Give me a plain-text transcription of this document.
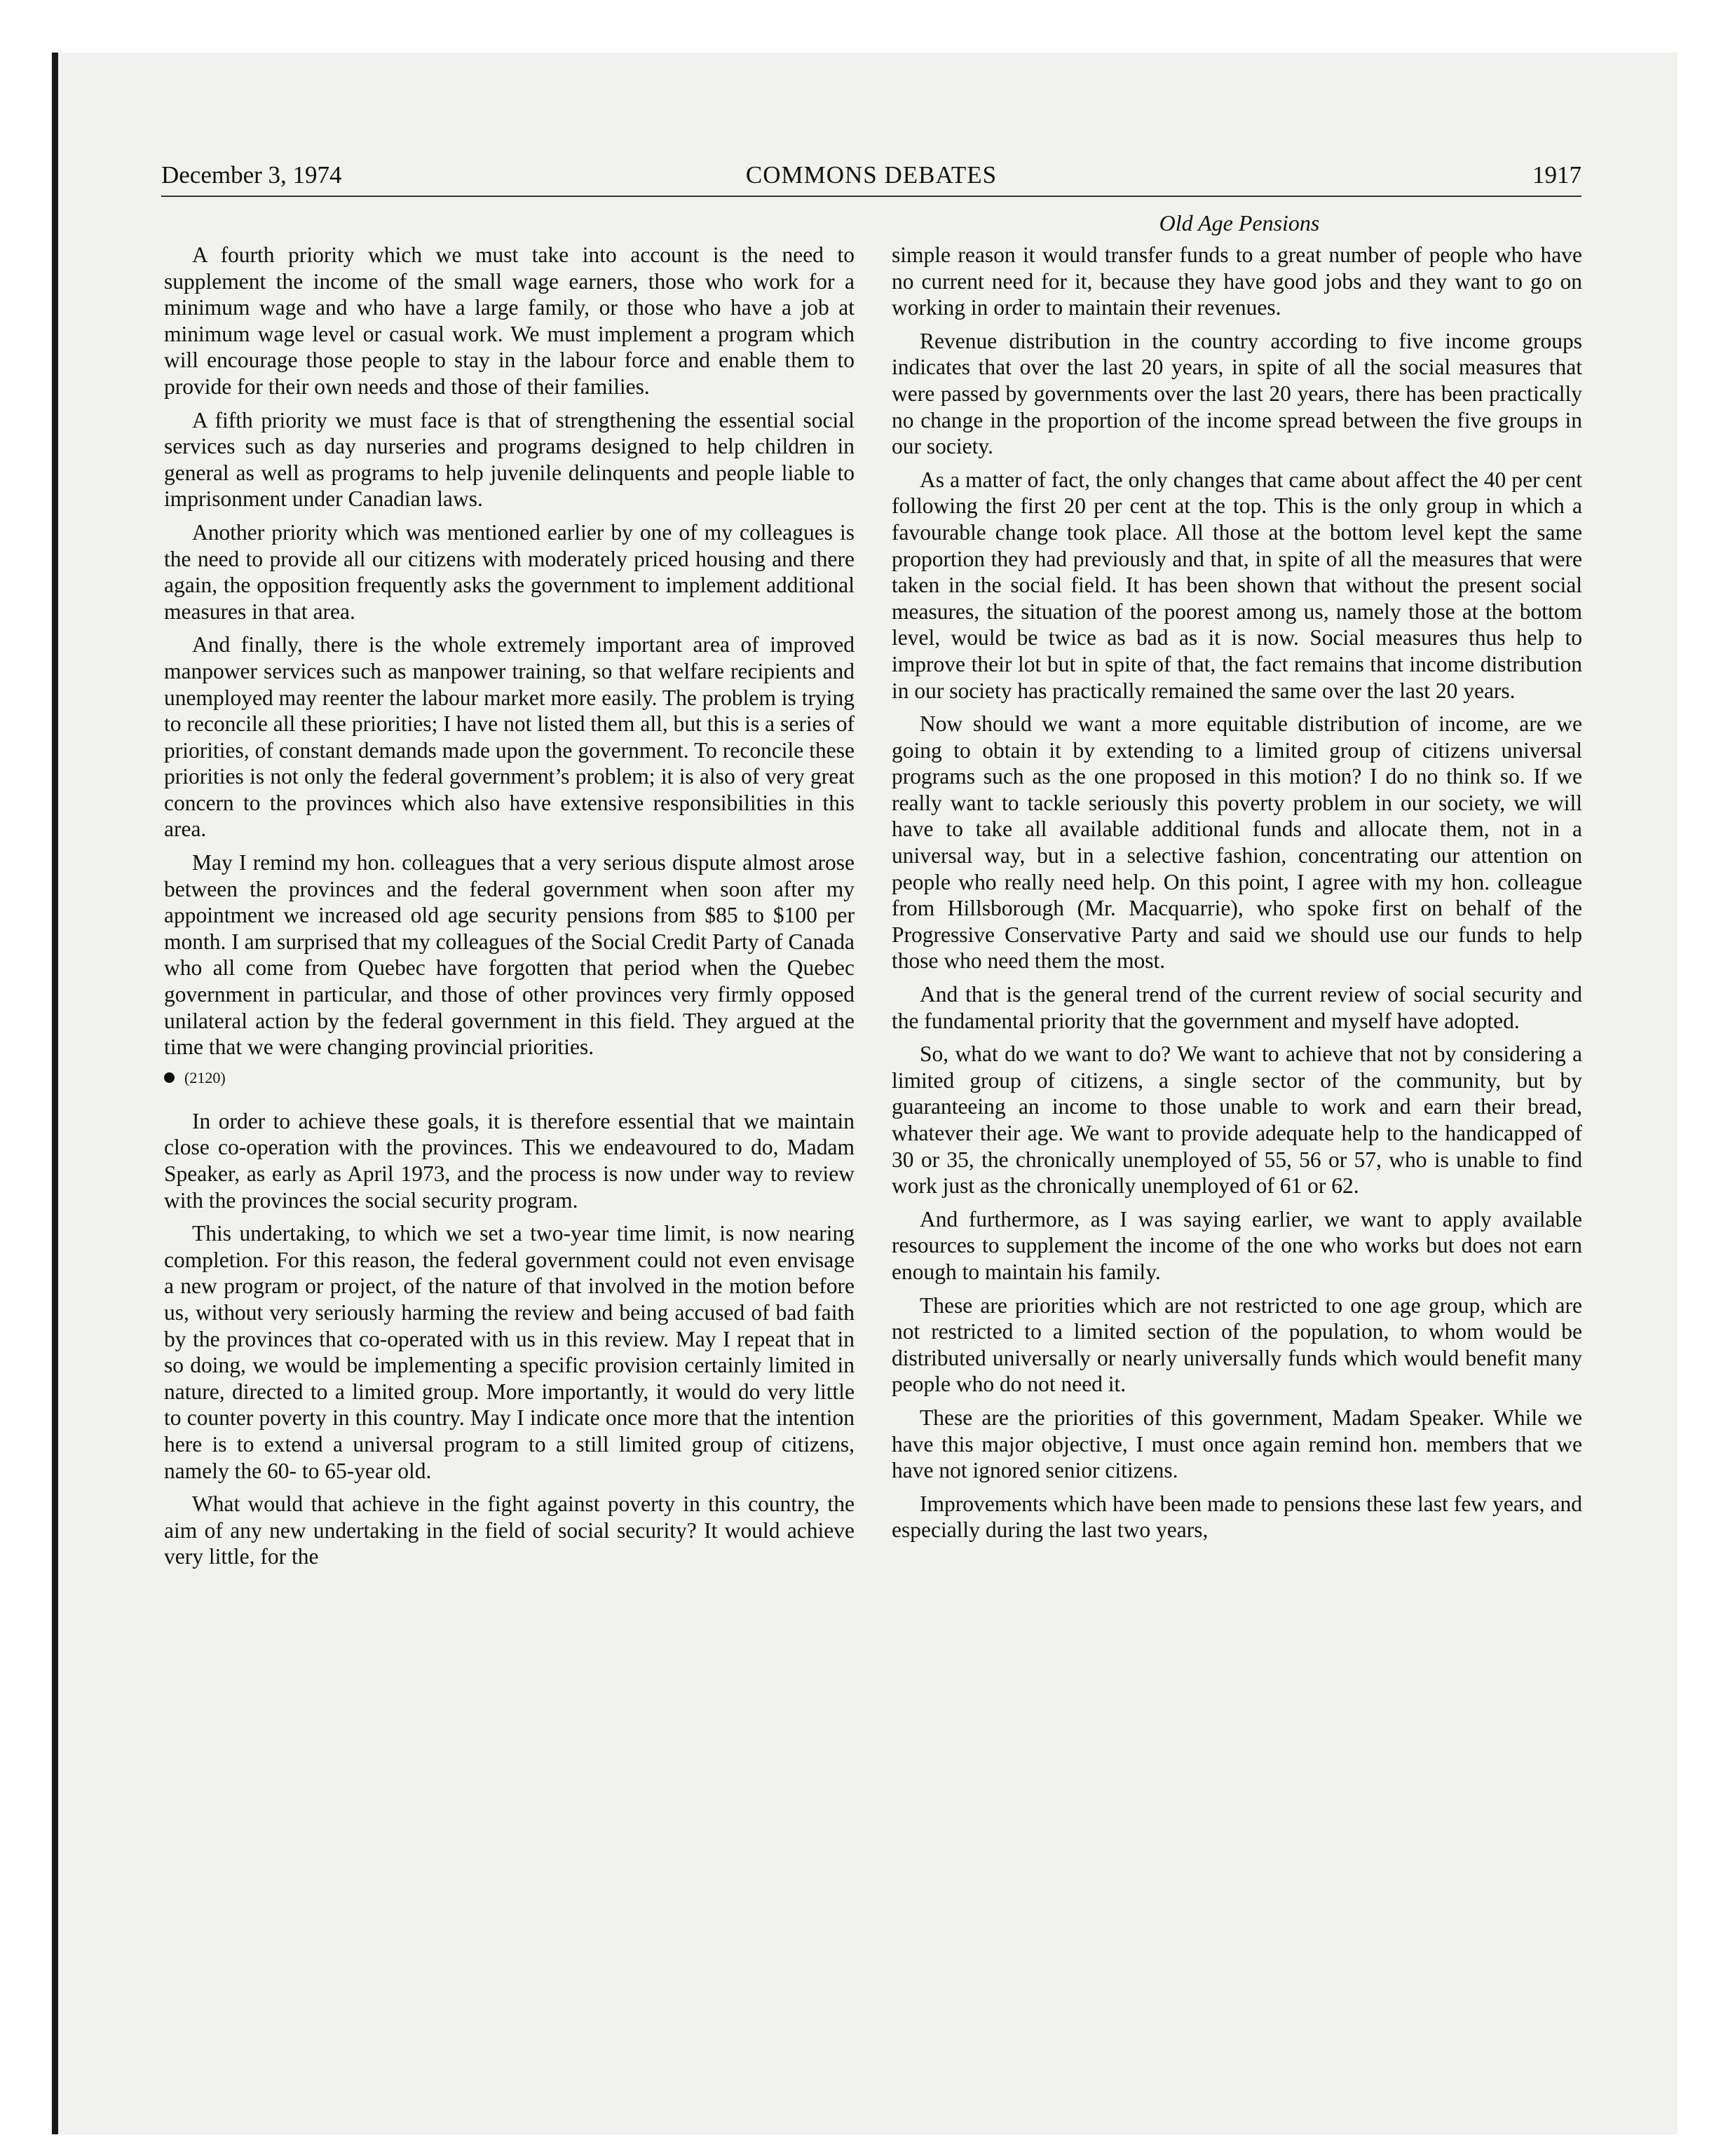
COMMONS DEBATES
December 3, 1974	1917
Old Age Pensions

A fourth priority which we must take into account is the need to supplement the income of the small wage earners, those who work for a minimum wage and who have a large family, or those who have a job at minimum wage level or casual work. We must implement a program which will encourage those people to stay in the labour force and enable them to provide for their own needs and those of their families.

A fifth priority we must face is that of strengthening the essential social services such as day nurseries and programs designed to help children in general as well as programs to help juvenile delinquents and people liable to imprisonment under Canadian laws.

Another priority which was mentioned earlier by one of my colleagues is the need to provide all our citizens with moderately priced housing and there again, the opposition frequently asks the government to implement additional measures in that area.

And finally, there is the whole extremely important area of improved manpower services such as manpower training, so that welfare recipients and unemployed may reenter the labour market more easily. The problem is trying to reconcile all these priorities; I have not listed them all, but this is a series of priorities, of constant demands made upon the government. To reconcile these priorities is not only the federal government’s problem; it is also of very great concern to the provinces which also have extensive responsibilities in this area.

May I remind my hon. colleagues that a very serious dispute almost arose between the provinces and the federal government when soon after my appointment we increased old age security pensions from $85 to $100 per month. I am surprised that my colleagues of the Social Credit Party of Canada who all come from Quebec have forgotten that period when the Quebec government in particular, and those of other provinces very firmly opposed unilateral action by the federal government in this field. They argued at the time that we were changing provincial priorities.

(2120)

In order to achieve these goals, it is therefore essential that we maintain close co-operation with the provinces. This we endeavoured to do, Madam Speaker, as early as April 1973, and the process is now under way to review with the provinces the social security program.

This undertaking, to which we set a two-year time limit, is now nearing completion. For this reason, the federal government could not even envisage a new program or project, of the nature of that involved in the motion before us, without very seriously harming the review and being accused of bad faith by the provinces that co-operated with us in this review. May I repeat that in so doing, we would be implementing a specific provision certainly limited in nature, directed to a limited group. More importantly, it would do very little to counter poverty in this country. May I indicate once more that the intention here is to extend a universal program to a still limited group of citizens, namely the 60- to 65-year old.

What would that achieve in the fight against poverty in this country, the aim of any new undertaking in the field of social security? It would achieve very little, for the

simple reason it would transfer funds to a great number of people who have no current need for it, because they have good jobs and they want to go on working in order to maintain their revenues.

Revenue distribution in the country according to five income groups indicates that over the last 20 years, in spite of all the social measures that were passed by governments over the last 20 years, there has been practically no change in the proportion of the income spread between the five groups in our society.

As a matter of fact, the only changes that came about affect the 40 per cent following the first 20 per cent at the top. This is the only group in which a favourable change took place. All those at the bottom level kept the same proportion they had previously and that, in spite of all the measures that were taken in the social field. It has been shown that without the present social measures, the situation of the poorest among us, namely those at the bottom level, would be twice as bad as it is now. Social measures thus help to improve their lot but in spite of that, the fact remains that income distribution in our society has practically remained the same over the last 20 years.

Now should we want a more equitable distribution of income, are we going to obtain it by extending to a limited group of citizens universal programs such as the one proposed in this motion? I do no think so. If we really want to tackle seriously this poverty problem in our society, we will have to take all available additional funds and allocate them, not in a universal way, but in a selective fashion, concentrating our attention on people who really need help. On this point, I agree with my hon. colleague from Hillsborough (Mr. Macquarrie), who spoke first on behalf of the Progressive Conservative Party and said we should use our funds to help those who need them the most.

And that is the general trend of the current review of social security and the fundamental priority that the government and myself have adopted.

So, what do we want to do? We want to achieve that not by considering a limited group of citizens, a single sector of the community, but by guaranteeing an income to those unable to work and earn their bread, whatever their age. We want to provide adequate help to the handicapped of 30 or 35, the chronically unemployed of 55, 56 or 57, who is unable to find work just as the chronically unemployed of 61 or 62.

And furthermore, as I was saying earlier, we want to apply available resources to supplement the income of the one who works but does not earn enough to maintain his family.

These are priorities which are not restricted to one age group, which are not restricted to a limited section of the population, to whom would be distributed universally or nearly universally funds which would benefit many people who do not need it.

These are the priorities of this government, Madam Speaker. While we have this major objective, I must once again remind hon. members that we have not ignored senior citizens.

Improvements which have been made to pensions these last few years, and especially during the last two years,
